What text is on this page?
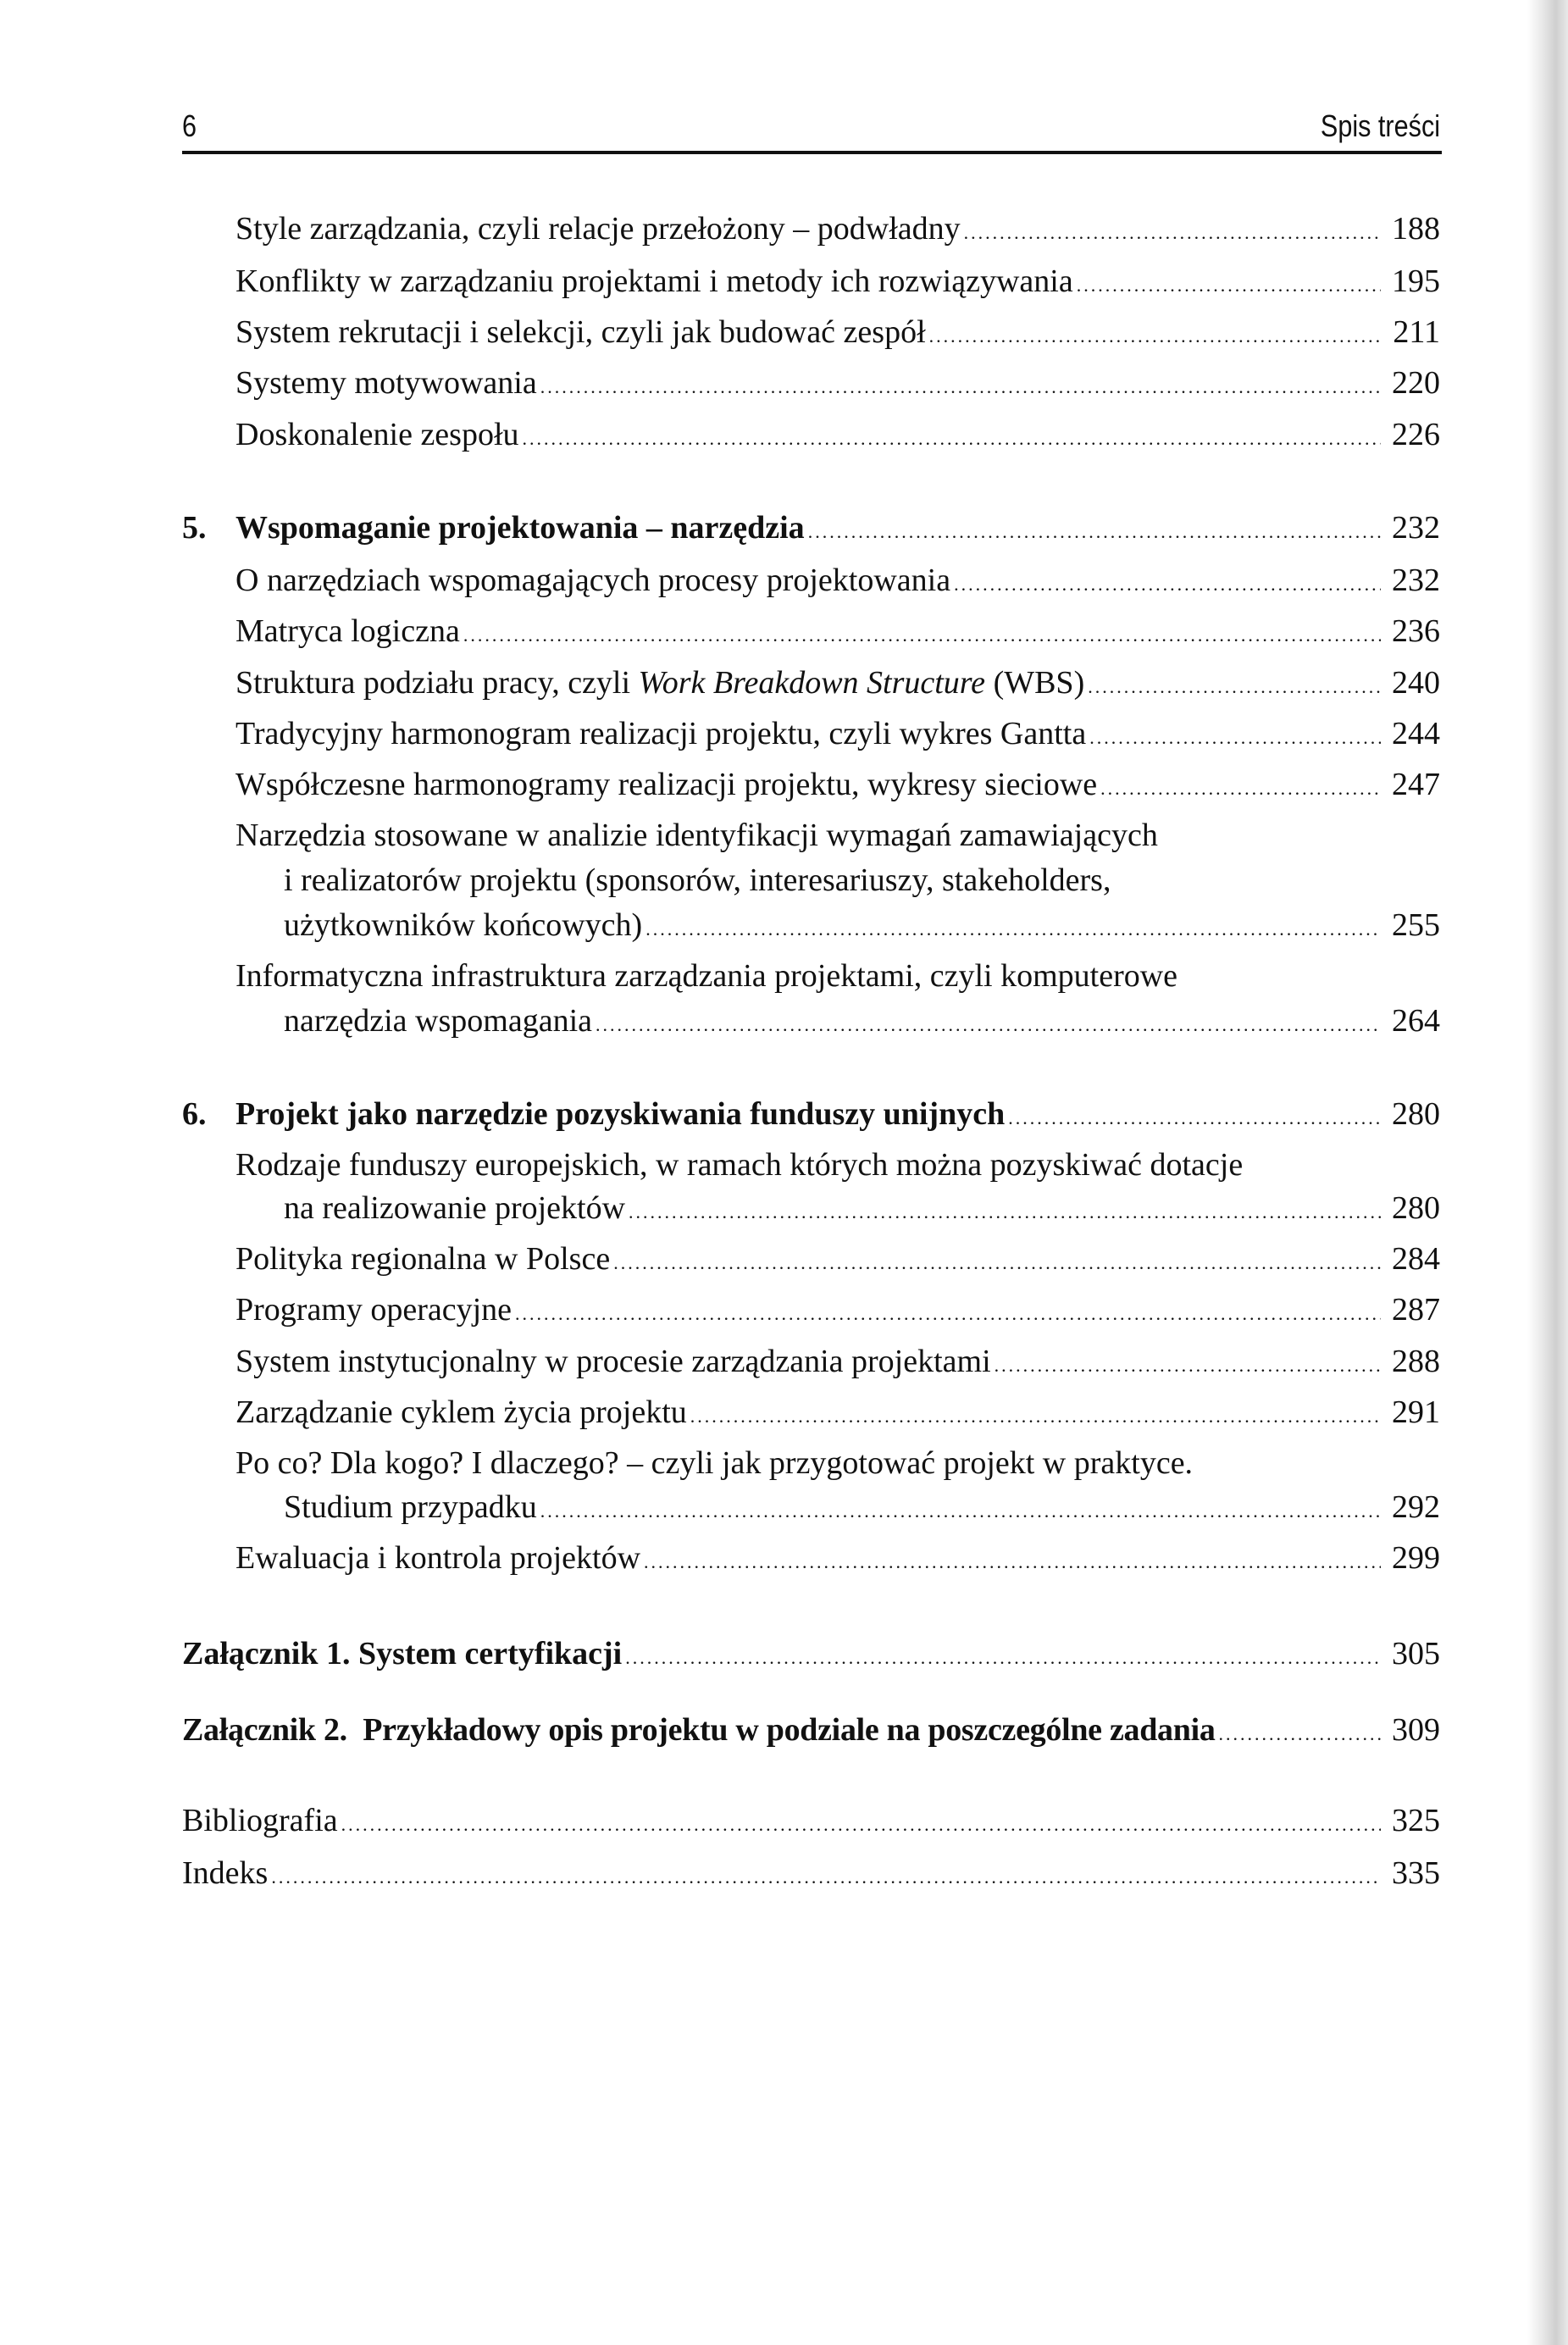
6	Spis treści
Style zarządzania, czyli relacje przełożony – podwładny .....	188
Konflikty w zarządzaniu projektami i metody ich rozwiązywania .....	195
System rekrutacji i selekcji, czyli jak budować zespół .....	211
Systemy motywowania .....	220
Doskonalenie zespołu .....	226
5. Wspomaganie projektowania – narzędzia .....	232
O narzędziach wspomagających procesy projektowania .....	232
Matryca logiczna .....	236
Struktura podziału pracy, czyli Work Breakdown Structure (WBS) .....	240
Tradycyjny harmonogram realizacji projektu, czyli wykres Gantta .....	244
Współczesne harmonogramy realizacji projektu, wykresy sieciowe .....	247
Narzędzia stosowane w analizie identyfikacji wymagań zamawiających
i realizatorów projektu (sponsorów, interesariuszy, stakeholders,
użytkowników końcowych) .....	255
Informatyczna infrastruktura zarządzania projektami, czyli komputerowe
narzędzia wspomagania .....	264
6. Projekt jako narzędzie pozyskiwania funduszy unijnych .....	280
Rodzaje funduszy europejskich, w ramach których można pozyskiwać dotacje
na realizowanie projektów .....	280
Polityka regionalna w Polsce .....	284
Programy operacyjne .....	287
System instytucjonalny w procesie zarządzania projektami .....	288
Zarządzanie cyklem życia projektu .....	291
Po co? Dla kogo? I dlaczego? – czyli jak przygotować projekt w praktyce.
Studium przypadku .....	292
Ewaluacja i kontrola projektów .....	299
Załącznik 1. System certyfikacji .....	305
Załącznik 2.  Przykładowy opis projektu w podziale na poszczególne zadania .....	309
Bibliografia .....	325
Indeks .....	335
